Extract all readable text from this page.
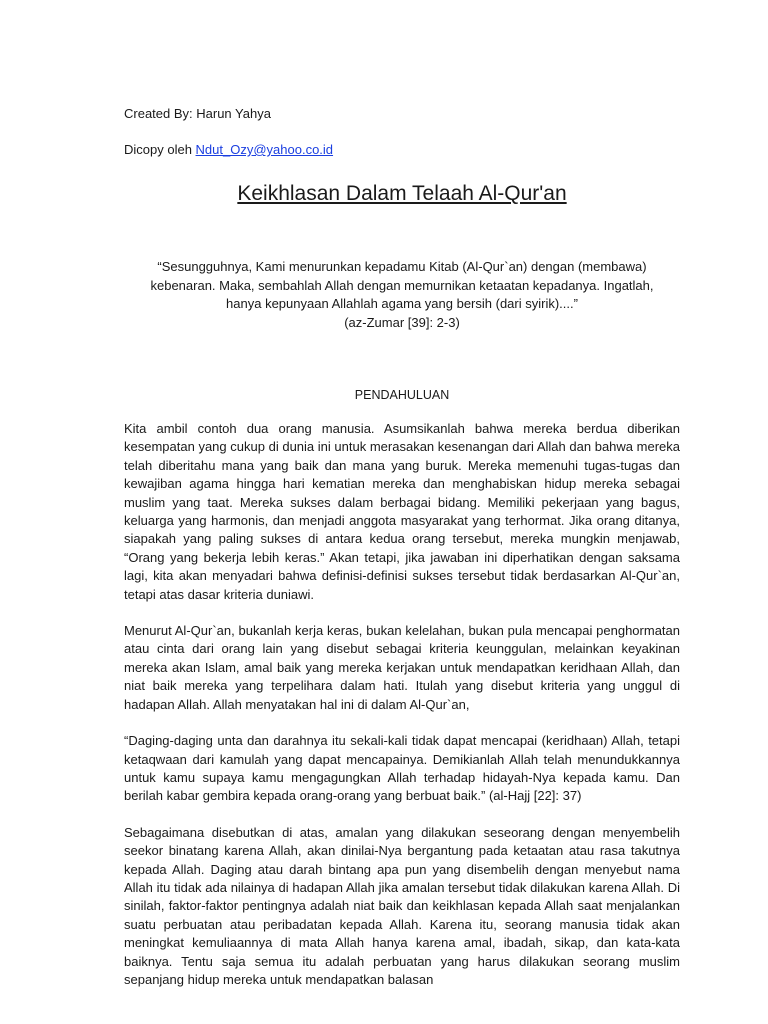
Created By: Harun Yahya

Dicopy oleh Ndut_Ozy@yahoo.co.id

Keikhlasan Dalam Telaah Al-Qur'an

“Sesungguhnya, Kami menurunkan kepadamu Kitab (Al-Qur`an) dengan (membawa)

kebenaran. Maka, sembahlah Allah dengan memurnikan ketaatan kepadanya. Ingatlah,

hanya kepunyaan Allahlah agama yang bersih (dari syirik)....”

(az-Zumar [39]: 2-3)

PENDAHULUAN

Kita ambil contoh dua orang manusia. Asumsikanlah bahwa mereka berdua diberikan kesempatan yang cukup di dunia ini untuk merasakan kesenangan dari Allah dan bahwa mereka telah diberitahu mana yang baik dan mana yang buruk. Mereka memenuhi tugas-tugas dan kewajiban agama hingga hari kematian mereka dan menghabiskan hidup mereka sebagai muslim yang taat. Mereka sukses dalam berbagai bidang. Memiliki pekerjaan yang bagus, keluarga yang harmonis, dan menjadi anggota masyarakat yang terhormat. Jika orang ditanya, siapakah yang paling sukses di antara kedua orang tersebut, mereka mungkin menjawab, “Orang yang bekerja lebih keras.” Akan tetapi, jika jawaban ini diperhatikan dengan saksama lagi, kita akan menyadari bahwa definisi-definisi sukses tersebut tidak berdasarkan Al-Qur`an, tetapi atas dasar kriteria duniawi.

Menurut Al-Qur`an, bukanlah kerja keras, bukan kelelahan, bukan pula mencapai penghormatan atau cinta dari orang lain yang disebut sebagai kriteria keunggulan, melainkan keyakinan mereka akan Islam, amal baik yang mereka kerjakan untuk mendapatkan keridhaan Allah, dan niat baik mereka yang terpelihara dalam hati. Itulah yang disebut kriteria yang unggul di hadapan Allah. Allah menyatakan hal ini di dalam Al-Qur`an,

“Daging-daging unta dan darahnya itu sekali-kali tidak dapat mencapai (keridhaan) Allah, tetapi ketaqwaan dari kamulah yang dapat mencapainya. Demikianlah Allah telah menundukkannya untuk kamu supaya kamu mengagungkan Allah terhadap hidayah-Nya kepada kamu. Dan berilah kabar gembira kepada orang-orang yang berbuat baik.” (al-Hajj [22]: 37)

Sebagaimana disebutkan di atas, amalan yang dilakukan seseorang dengan menyembelih seekor binatang karena Allah, akan dinilai-Nya bergantung pada ketaatan atau rasa takutnya kepada Allah. Daging atau darah bintang apa pun yang disembelih dengan menyebut nama Allah itu tidak ada nilainya di hadapan Allah jika amalan tersebut tidak dilakukan karena Allah. Di sinilah, faktor-faktor pentingnya adalah niat baik dan keikhlasan kepada Allah saat menjalankan suatu perbuatan atau peribadatan kepada Allah. Karena itu, seorang manusia tidak akan meningkat kemuliaannya di mata Allah hanya karena amal, ibadah, sikap, dan kata-kata baiknya. Tentu saja semua itu adalah perbuatan yang harus dilakukan seorang muslim sepanjang hidup mereka untuk mendapatkan balasan
